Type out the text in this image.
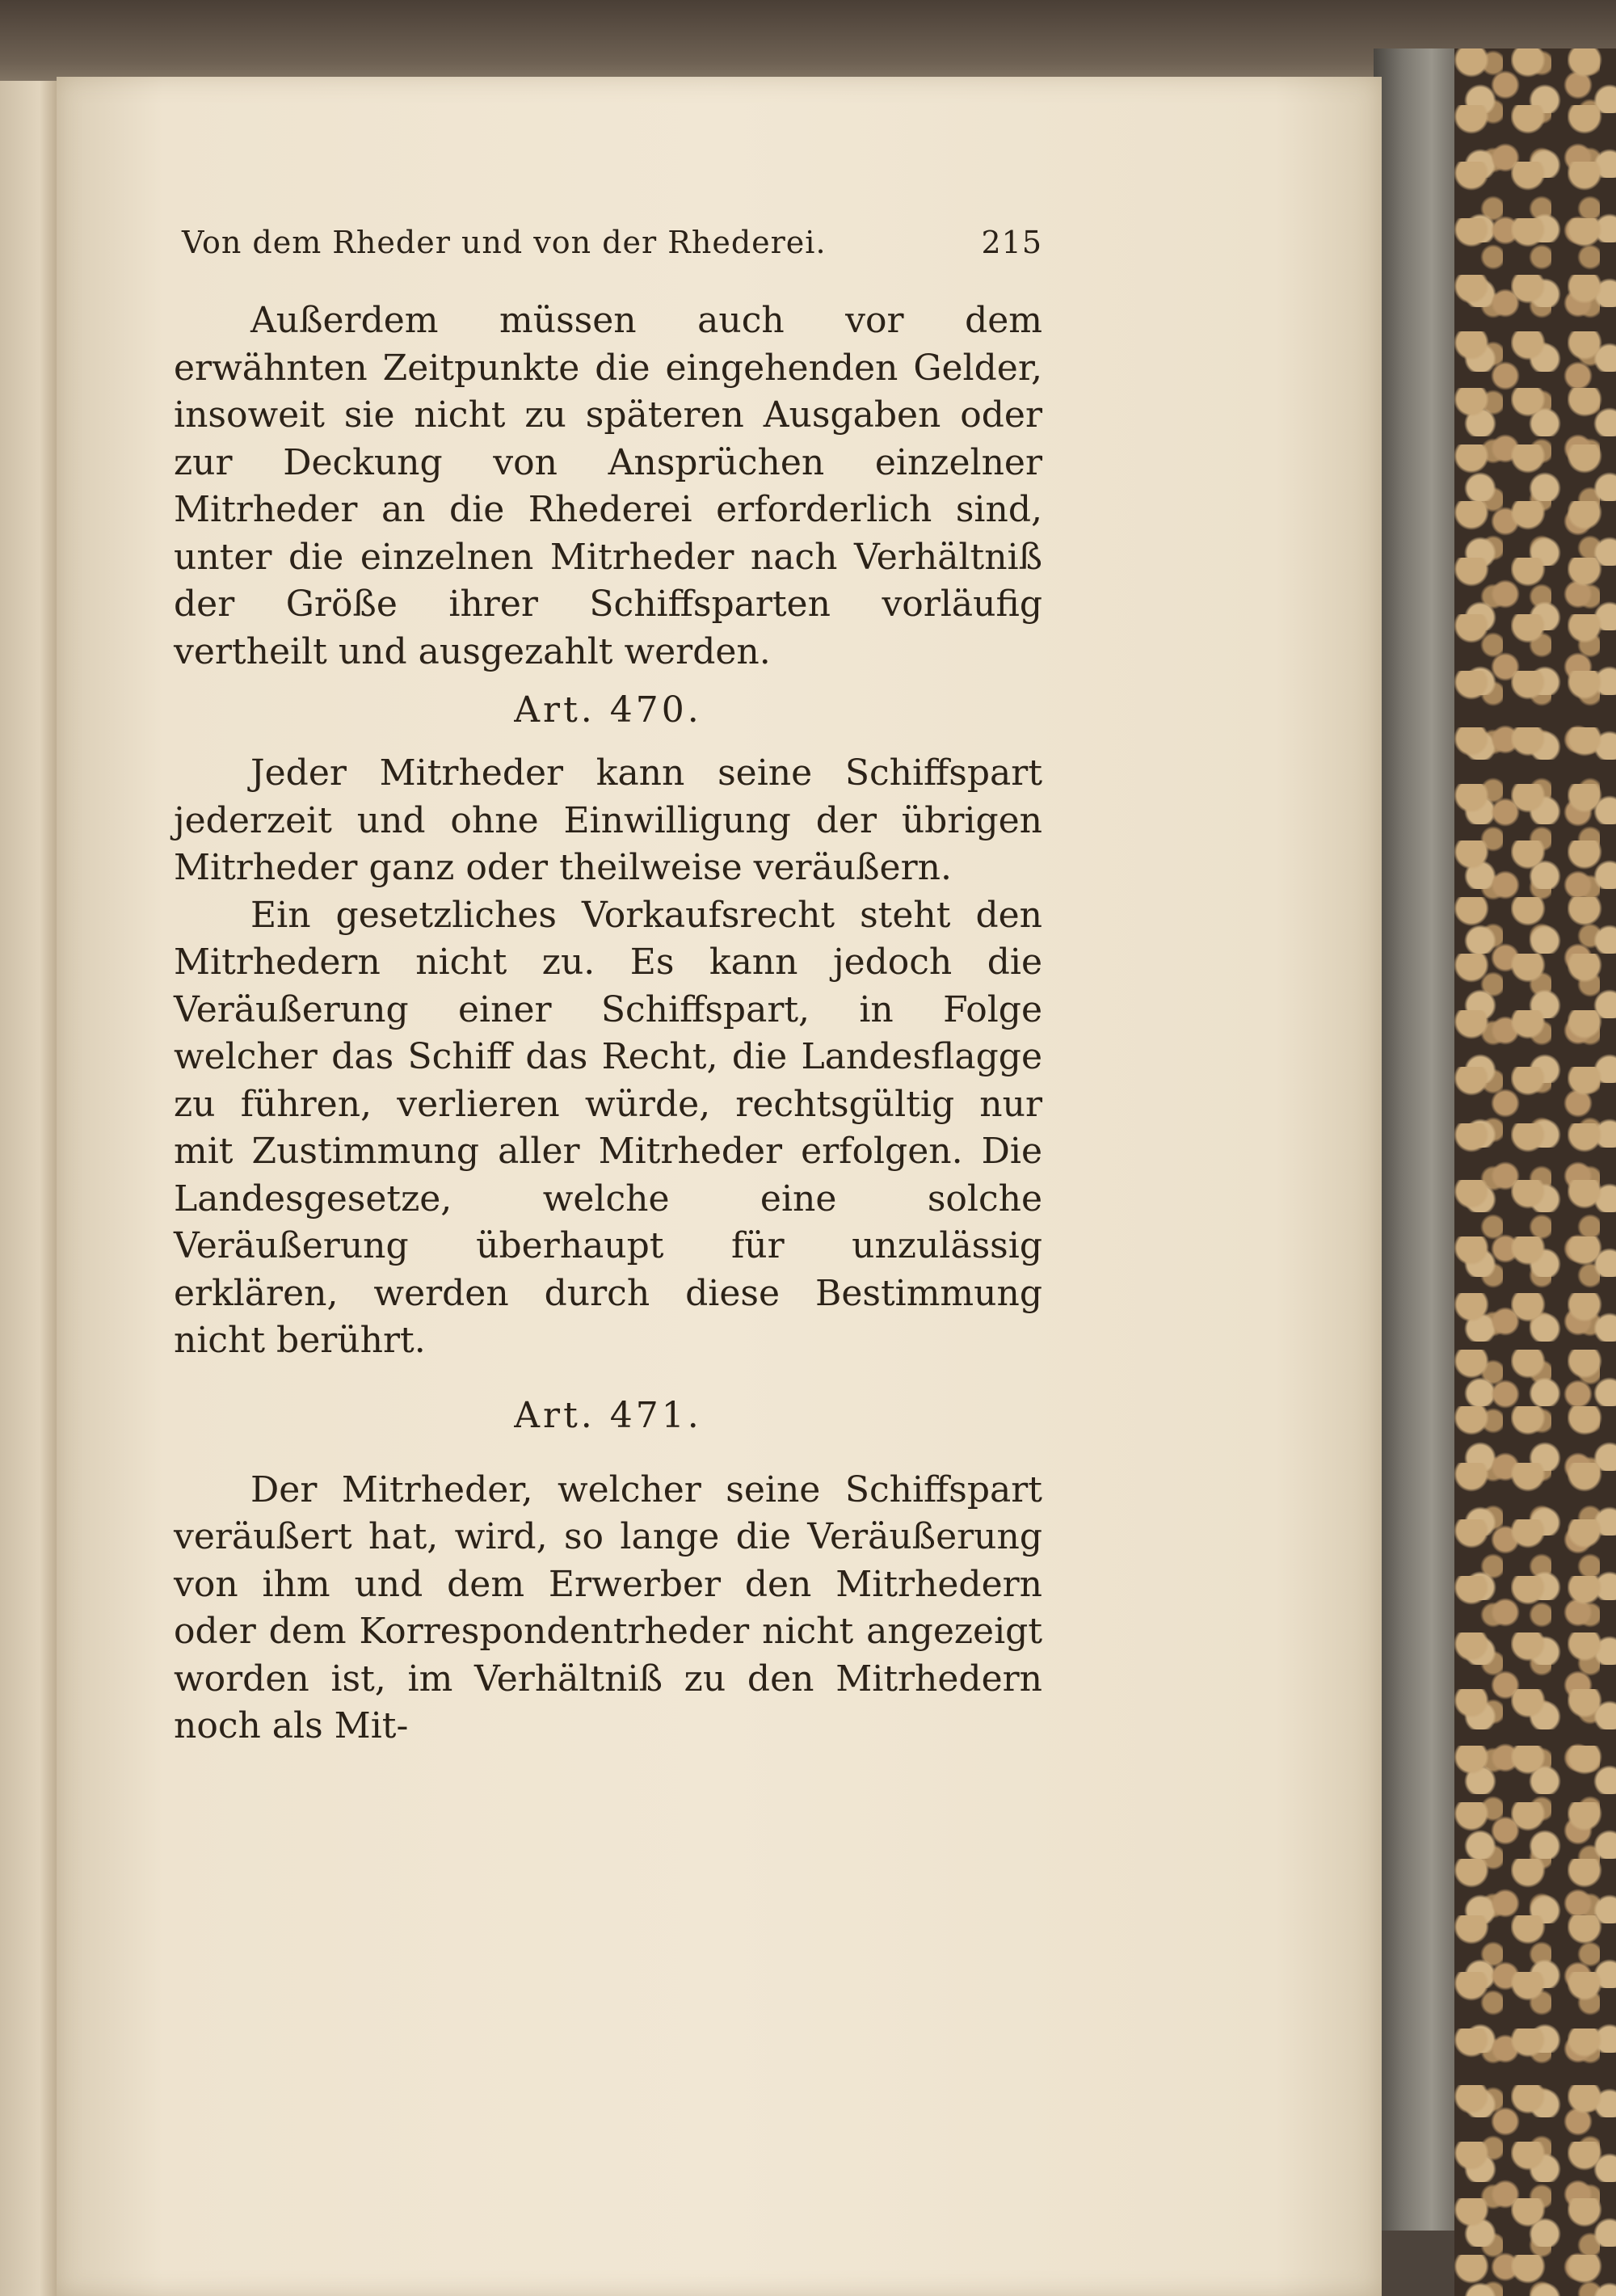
Von dem Rheder und von der Rhederei.	215

Außerdem müssen auch vor dem erwähnten Zeitpunkte die eingehenden Gelder, insoweit sie nicht zu späteren Ausgaben oder zur Deckung von Ansprüchen einzelner Mitrheder an die Rhederei erforderlich sind, unter die einzelnen Mitrheder nach Verhältniß der Größe ihrer Schiffsparten vorläufig vertheilt und ausgezahlt werden.

Art. 470.

Jeder Mitrheder kann seine Schiffspart jederzeit und ohne Einwilligung der übrigen Mitrheder ganz oder theilweise veräußern.

Ein gesetzliches Vorkaufsrecht steht den Mitrhedern nicht zu. Es kann jedoch die Veräußerung einer Schiffspart, in Folge welcher das Schiff das Recht, die Landesflagge zu führen, verlieren würde, rechtsgültig nur mit Zustimmung aller Mitrheder erfolgen. Die Landesgesetze, welche eine solche Veräußerung überhaupt für unzulässig erklären, werden durch diese Bestimmung nicht berührt.

Art. 471.

Der Mitrheder, welcher seine Schiffspart veräußert hat, wird, so lange die Veräußerung von ihm und dem Erwerber den Mitrhedern oder dem Korrespondentrheder nicht angezeigt worden ist, im Verhältniß zu den Mitrhedern noch als Mit-
